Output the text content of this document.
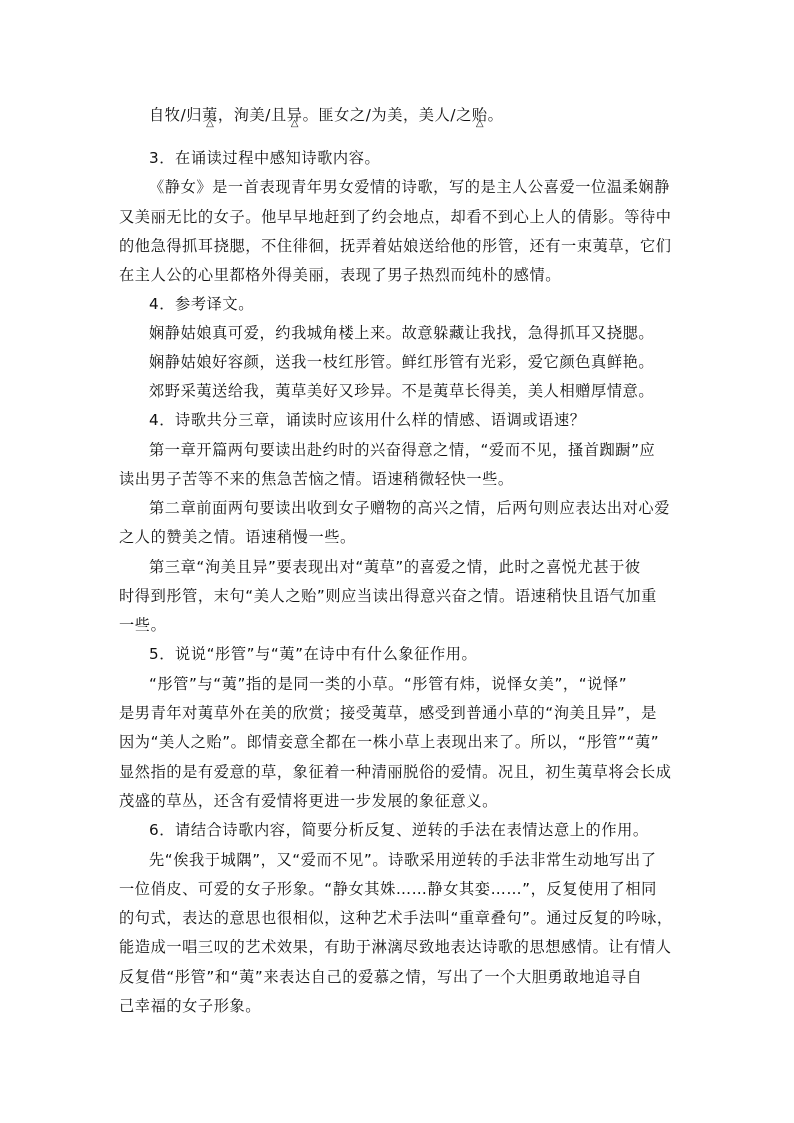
自牧/归荑 △，洵美/且异 △。匪女之/为美，美人/之贻 △。
3．在诵读过程中感知诗歌内容。
《静女》是一首表现青年男女爱情的诗歌，写的是主人公喜爱一位温柔娴静
又美丽无比的女子。他早早地赶到了约会地点，却看不到心上人的倩影。等待中
的他急得抓耳挠腮，不住徘徊，抚弄着姑娘送给他的彤管，还有一束荑草，它们
在主人公的心里都格外得美丽，表现了男子热烈而纯朴的感情。
4．参考译文。
娴静姑娘真可爱，约我城角楼上来。故意躲藏让我找，急得抓耳又挠腮。
娴静姑娘好容颜，送我一枝红彤管。鲜红彤管有光彩，爱它颜色真鲜艳。
郊野采荑送给我，荑草美好又珍异。不是荑草长得美，美人相赠厚情意。
4．诗歌共分三章，诵读时应该用什么样的情感、语调或语速？
第一章开篇两句要读出赴约时的兴奋得意之情，“爱而不见，搔首踟蹰”应
读出男子苦等不来的焦急苦恼之情。语速稍微轻快一些。
第二章前面两句要读出收到女子赠物的高兴之情，后两句则应表达出对心爱
之人的赞美之情。语速稍慢一些。
第三章“洵美且异”要表现出对“荑草”的喜爱之情，此时之喜悦尤甚于彼
时得到彤管，末句“美人之贻”则应当读出得意兴奋之情。语速稍快且语气加重
一些。
5．说说“彤管”与“荑”在诗中有什么象征作用。
“彤管”与“荑”指的是同一类的小草。“彤管有炜，说怿女美”，“说怿”
是男青年对荑草外在美的欣赏；接受荑草，感受到普通小草的“洵美且异”，是
因为“美人之贻”。郎情妾意全都在一株小草上表现出来了。所以，“彤管”“荑”
显然指的是有爱意的草，象征着一种清丽脱俗的爱情。况且，初生荑草将会长成
茂盛的草丛，还含有爱情将更进一步发展的象征意义。
6．请结合诗歌内容，简要分析反复、逆转的手法在表情达意上的作用。
先“俟我于城隅”，又“爱而不见”。诗歌采用逆转的手法非常生动地写出了
一位俏皮、可爱的女子形象。“静女其姝……静女其娈……”，反复使用了相同
的句式，表达的意思也很相似，这种艺术手法叫“重章叠句”。通过反复的吟咏，
能造成一唱三叹的艺术效果，有助于淋漓尽致地表达诗歌的思想感情。让有情人
反复借“彤管”和“荑”来表达自己的爱慕之情，写出了一个大胆勇敢地追寻自
己幸福的女子形象。
